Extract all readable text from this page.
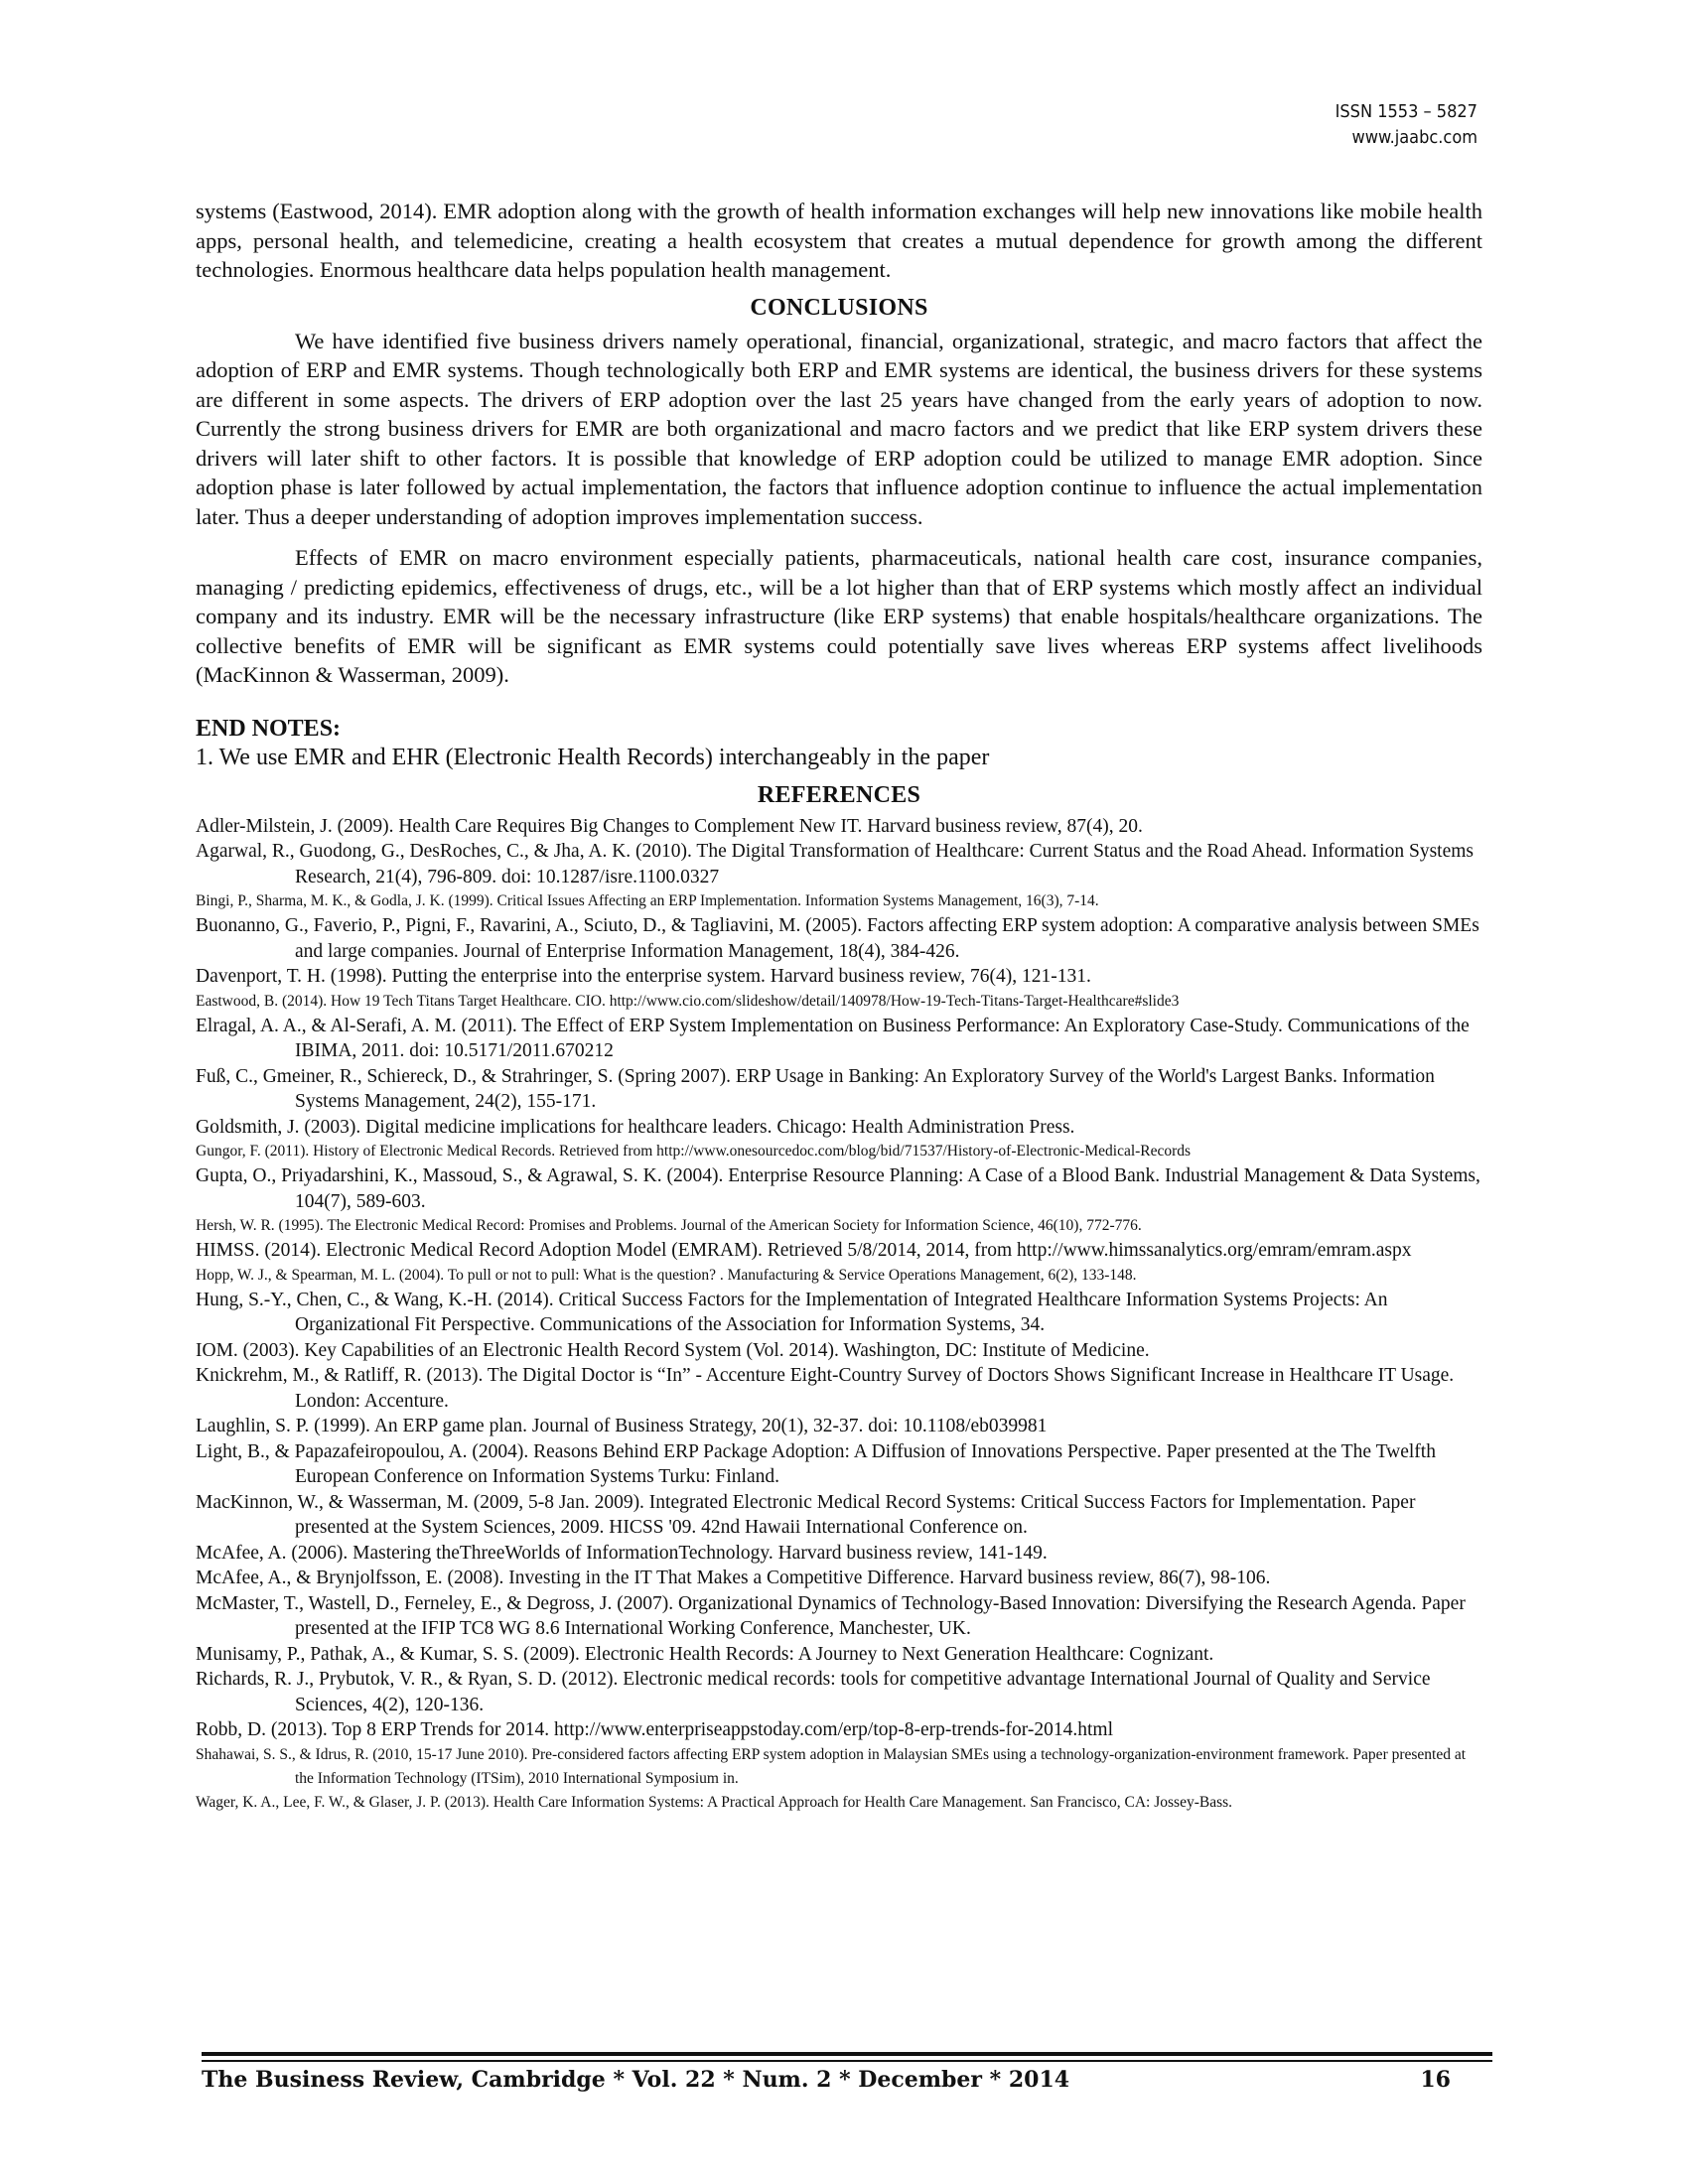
ISSN 1553 – 5827
www.jaabc.com

systems (Eastwood, 2014). EMR adoption along with the growth of health information exchanges will help new innovations like mobile health apps, personal health, and telemedicine, creating a health ecosystem that creates a mutual dependence for growth among the different technologies. Enormous healthcare data helps population health management.

CONCLUSIONS

We have identified five business drivers namely operational, financial, organizational, strategic, and macro factors that affect the adoption of ERP and EMR systems. Though technologically both ERP and EMR systems are identical, the business drivers for these systems are different in some aspects. The drivers of ERP adoption over the last 25 years have changed from the early years of adoption to now. Currently the strong business drivers for EMR are both organizational and macro factors and we predict that like ERP system drivers these drivers will later shift to other factors. It is possible that knowledge of ERP adoption could be utilized to manage EMR adoption. Since adoption phase is later followed by actual implementation, the factors that influence adoption continue to influence the actual implementation later. Thus a deeper understanding of adoption improves implementation success.

Effects of EMR on macro environment especially patients, pharmaceuticals, national health care cost, insurance companies, managing / predicting epidemics, effectiveness of drugs, etc., will be a lot higher than that of ERP systems which mostly affect an individual company and its industry. EMR will be the necessary infrastructure (like ERP systems) that enable hospitals/healthcare organizations. The collective benefits of EMR will be significant as EMR systems could potentially save lives whereas ERP systems affect livelihoods (MacKinnon & Wasserman, 2009).

END NOTES:
1. We use EMR and EHR (Electronic Health Records) interchangeably in the paper
REFERENCES
Adler-Milstein, J. (2009). Health Care Requires Big Changes to Complement New IT. Harvard business review, 87(4), 20.
Agarwal, R., Guodong, G., DesRoches, C., & Jha, A. K. (2010). The Digital Transformation of Healthcare: Current Status and the Road Ahead. Information Systems Research, 21(4), 796-809. doi: 10.1287/isre.1100.0327
Bingi, P., Sharma, M. K., & Godla, J. K. (1999). Critical Issues Affecting an ERP Implementation. Information Systems Management, 16(3), 7-14.
Buonanno, G., Faverio, P., Pigni, F., Ravarini, A., Sciuto, D., & Tagliavini, M. (2005). Factors affecting ERP system adoption: A comparative analysis between SMEs and large companies. Journal of Enterprise Information Management, 18(4), 384-426.
Davenport, T. H. (1998). Putting the enterprise into the enterprise system. Harvard business review, 76(4), 121-131.
Eastwood, B. (2014). How 19 Tech Titans Target Healthcare. CIO. http://www.cio.com/slideshow/detail/140978/How-19-Tech-Titans-Target-Healthcare#slide3
Elragal, A. A., & Al-Serafi, A. M. (2011). The Effect of ERP System Implementation on Business Performance: An Exploratory Case-Study. Communications of the IBIMA, 2011. doi: 10.5171/2011.670212
Fuß, C., Gmeiner, R., Schiereck, D., & Strahringer, S. (Spring 2007). ERP Usage in Banking: An Exploratory Survey of the World's Largest Banks. Information Systems Management, 24(2), 155-171.
Goldsmith, J. (2003). Digital medicine implications for healthcare leaders. Chicago: Health Administration Press.
Gungor, F. (2011). History of Electronic Medical Records. Retrieved from http://www.onesourcedoc.com/blog/bid/71537/History-of-Electronic-Medical-Records
Gupta, O., Priyadarshini, K., Massoud, S., & Agrawal, S. K. (2004). Enterprise Resource Planning: A Case of a Blood Bank. Industrial Management & Data Systems, 104(7), 589-603.
Hersh, W. R. (1995). The Electronic Medical Record: Promises and Problems. Journal of the American Society for Information Science, 46(10), 772-776.
HIMSS. (2014). Electronic Medical Record Adoption Model (EMRAM). Retrieved 5/8/2014, 2014, from http://www.himssanalytics.org/emram/emram.aspx
Hopp, W. J., & Spearman, M. L. (2004). To pull or not to pull: What is the question? . Manufacturing & Service Operations Management, 6(2), 133-148.
Hung, S.-Y., Chen, C., & Wang, K.-H. (2014). Critical Success Factors for the Implementation of Integrated Healthcare Information Systems Projects: An Organizational Fit Perspective. Communications of the Association for Information Systems, 34.
IOM. (2003). Key Capabilities of an Electronic Health Record System (Vol. 2014). Washington, DC: Institute of Medicine.
Knickrehm, M., & Ratliff, R. (2013). The Digital Doctor is “In” - Accenture Eight-Country Survey of Doctors Shows Significant Increase in Healthcare IT Usage. London: Accenture.
Laughlin, S. P. (1999). An ERP game plan. Journal of Business Strategy, 20(1), 32-37. doi: 10.1108/eb039981
Light, B., & Papazafeiropoulou, A. (2004). Reasons Behind ERP Package Adoption: A Diffusion of Innovations Perspective. Paper presented at the The Twelfth European Conference on Information Systems Turku: Finland.
MacKinnon, W., & Wasserman, M. (2009, 5-8 Jan. 2009). Integrated Electronic Medical Record Systems: Critical Success Factors for Implementation. Paper presented at the System Sciences, 2009. HICSS '09. 42nd Hawaii International Conference on.
McAfee, A. (2006). Mastering theThreeWorlds of InformationTechnology. Harvard business review, 141-149.
McAfee, A., & Brynjolfsson, E. (2008). Investing in the IT That Makes a Competitive Difference. Harvard business review, 86(7), 98-106.
McMaster, T., Wastell, D., Ferneley, E., & Degross, J. (2007). Organizational Dynamics of Technology-Based Innovation: Diversifying the Research Agenda. Paper presented at the IFIP TC8 WG 8.6 International Working Conference, Manchester, UK.
Munisamy, P., Pathak, A., & Kumar, S. S. (2009). Electronic Health Records: A Journey to Next Generation Healthcare: Cognizant.
Richards, R. J., Prybutok, V. R., & Ryan, S. D. (2012). Electronic medical records: tools for competitive advantage International Journal of Quality and Service Sciences, 4(2), 120-136.
Robb, D. (2013). Top 8 ERP Trends for 2014. http://www.enterpriseappstoday.com/erp/top-8-erp-trends-for-2014.html
Shahawai, S. S., & Idrus, R. (2010, 15-17 June 2010). Pre-considered factors affecting ERP system adoption in Malaysian SMEs using a technology-organization-environment framework. Paper presented at the Information Technology (ITSim), 2010 International Symposium in.
Wager, K. A., Lee, F. W., & Glaser, J. P. (2013). Health Care Information Systems: A Practical Approach for Health Care Management. San Francisco, CA: Jossey-Bass.
The Business Review, Cambridge * Vol. 22 * Num. 2 * December * 2014	16
